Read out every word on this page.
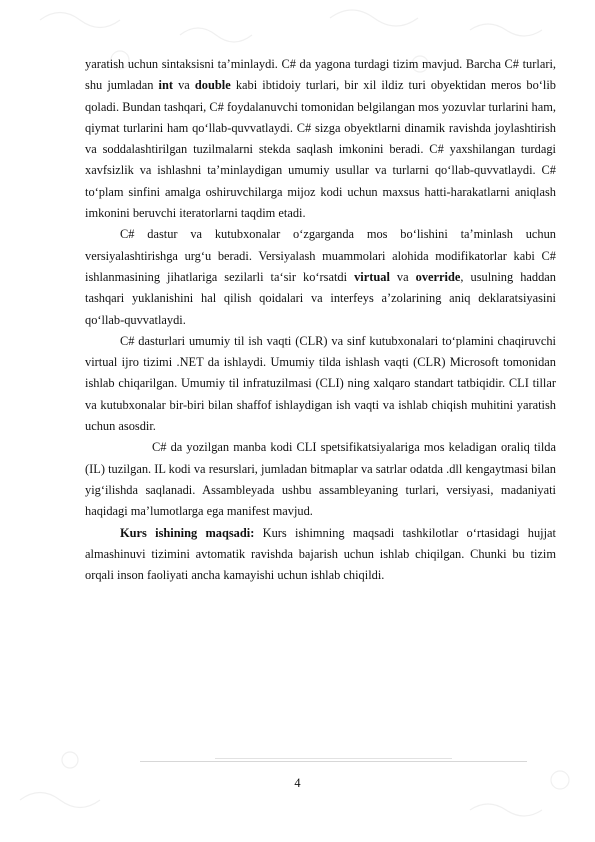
yaratish uchun sintaksisni ta’minlaydi. C# da yagona turdagi tizim mavjud. Barcha C# turlari, shu jumladan int va double kabi ibtidoiy turlari, bir xil ildiz turi obyektidan meros bo‘lib qoladi. Bundan tashqari, C# foydalanuvchi tomonidan belgilangan mos yozuvlar turlarini ham, qiymat turlarini ham qo‘llab-quvvatlaydi. C# sizga obyektlarni dinamik ravishda joylashtirish va soddalashtirilgan tuzilmalarni stekda saqlash imkonini beradi. C# yaxshilangan turdagi xavfsizlik va ishlashni ta’minlaydigan umumiy usullar va turlarni qo‘llab-quvvatlaydi. C# to‘plam sinfini amalga oshiruvchilarga mijoz kodi uchun maxsus hatti-harakatlarni aniqlash imkonini beruvchi iteratorlarni taqdim etadi.

C# dastur va kutubxonalar o‘zgarganda mos bo‘lishini ta’minlash uchun versiyalashtirishga urg‘u beradi. Versiyalash muammolari alohida modifikatorlar kabi C# ishlanmasining jihatlariga sezilarli ta‘sir ko‘rsatdi virtual va override, usulning haddan tashqari yuklanishini hal qilish qoidalari va interfeys a’zolarining aniq deklaratsiyasini qo‘llab-quvvatlaydi.

C# dasturlari umumiy til ish vaqti (CLR) va sinf kutubxonalari to‘plamini chaqiruvchi virtual ijro tizimi .NET da ishlaydi. Umumiy tilda ishlash vaqti (CLR) Microsoft tomonidan ishlab chiqarilgan. Umumiy til infratuzilmasi (CLI) ning xalqaro standart tatbiqidir. CLI tillar va kutubxonalar bir-biri bilan shaffof ishlaydigan ish vaqti va ishlab chiqish muhitini yaratish uchun asosdir.

C# da yozilgan manba kodi CLI spetsifikatsiyalariga mos keladigan oraliq tilda (IL) tuzilgan. IL kodi va resurslari, jumladan bitmaplar va satrlar odatda .dll kengaytmasi bilan yig‘ilishda saqlanadi. Assambleyada ushbu assambleyaning turlari, versiyasi, madaniyati haqidagi ma’lumotlarga ega manifest mavjud.

Kurs ishining maqsadi: Kurs ishimning maqsadi tashkilotlar o‘rtasidagi hujjat almashinuvi tizimini avtomatik ravishda bajarish uchun ishlab chiqilgan. Chunki bu tizim orqali inson faoliyati ancha kamayishi uchun ishlab chiqildi.

4
